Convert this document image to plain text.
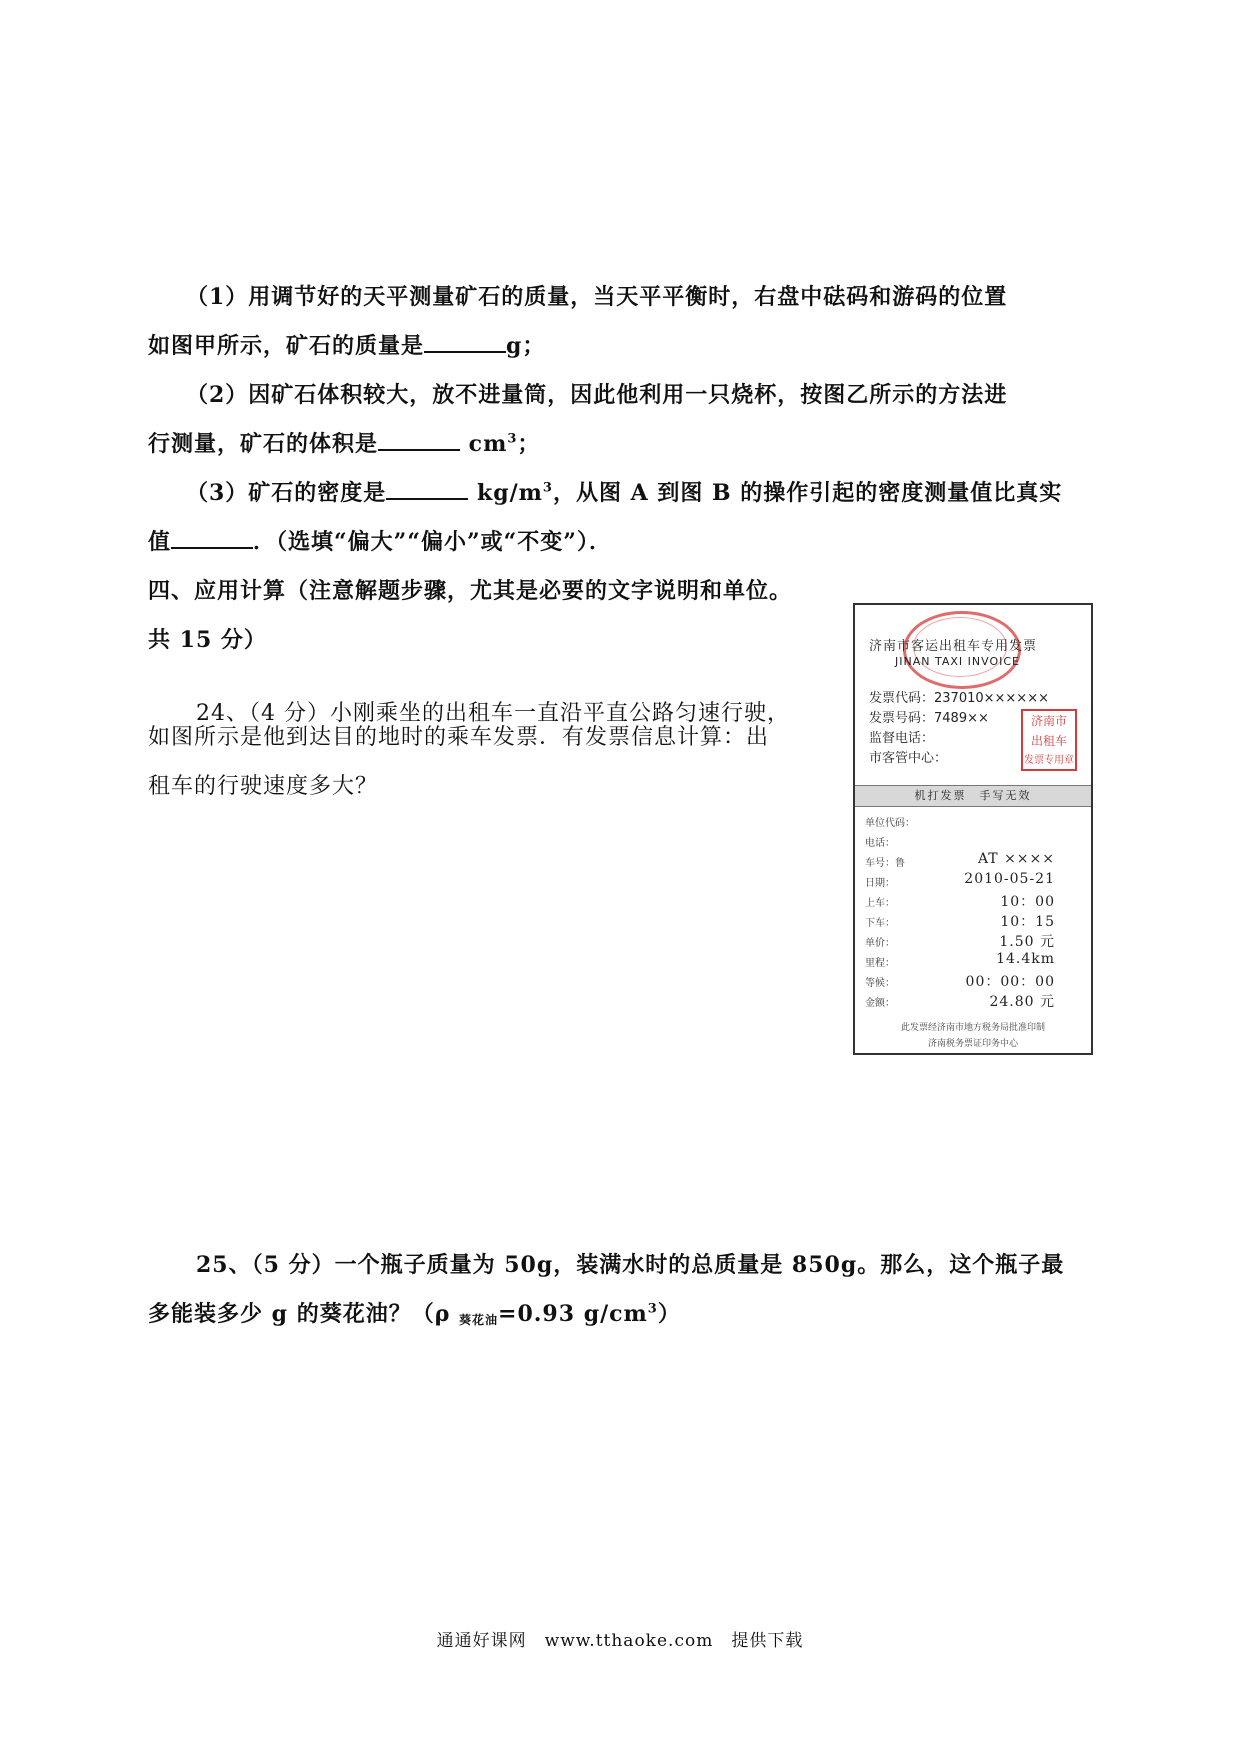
（1）用调节好的天平测量矿石的质量，当天平平衡时，右盘中砝码和游码的位置
如图甲所示，矿石的质量是	g；
（2）因矿石体积较大，放不进量筒，因此他利用一只烧杯，按图乙所示的方法进
行测量，矿石的体积是	$cm^3$；
（3）矿石的密度是	$kg/m^3$，从图 A 到图 B 的操作引起的密度测量值比真实
值	．（选填“偏大”“偏小”或“不变”）．
四、应用计算（注意解题步骤，尤其是必要的文字说明和单位。
共 15 分）
24、（4 分）小刚乘坐的出租车一直沿平直公路匀速行驶，
如图所示是他到达目的地时的乘车发票．有发票信息计算：出
租车的行驶速度多大？
济南市客运出租车专用发票
JINAN TAXI INVOICE
发票代码：237010××××××
发票号码：7489××
监督电话：
市客管中心：
济南市
出租车
发票专用章
机打发票　手写无效
单位代码：
电话：
车号：鲁	AT ××××
日期：	2010-05-21
上车：	10：00
下车：	10：15
单价：	1.50 元
里程：	14.4km
等候：	00：00：00
金额：	24.80 元
此发票经济南市地方税务局批准印制
济南税务票证印务中心
25、（5 分）一个瓶子质量为 50g，装满水时的总质量是 850g。那么，这个瓶子最
多能装多少 g 的葵花油？（ρ $_{葵花油}$=0.93 $g/cm^3$）
通通好课网　www.tthaoke.com　提供下载
